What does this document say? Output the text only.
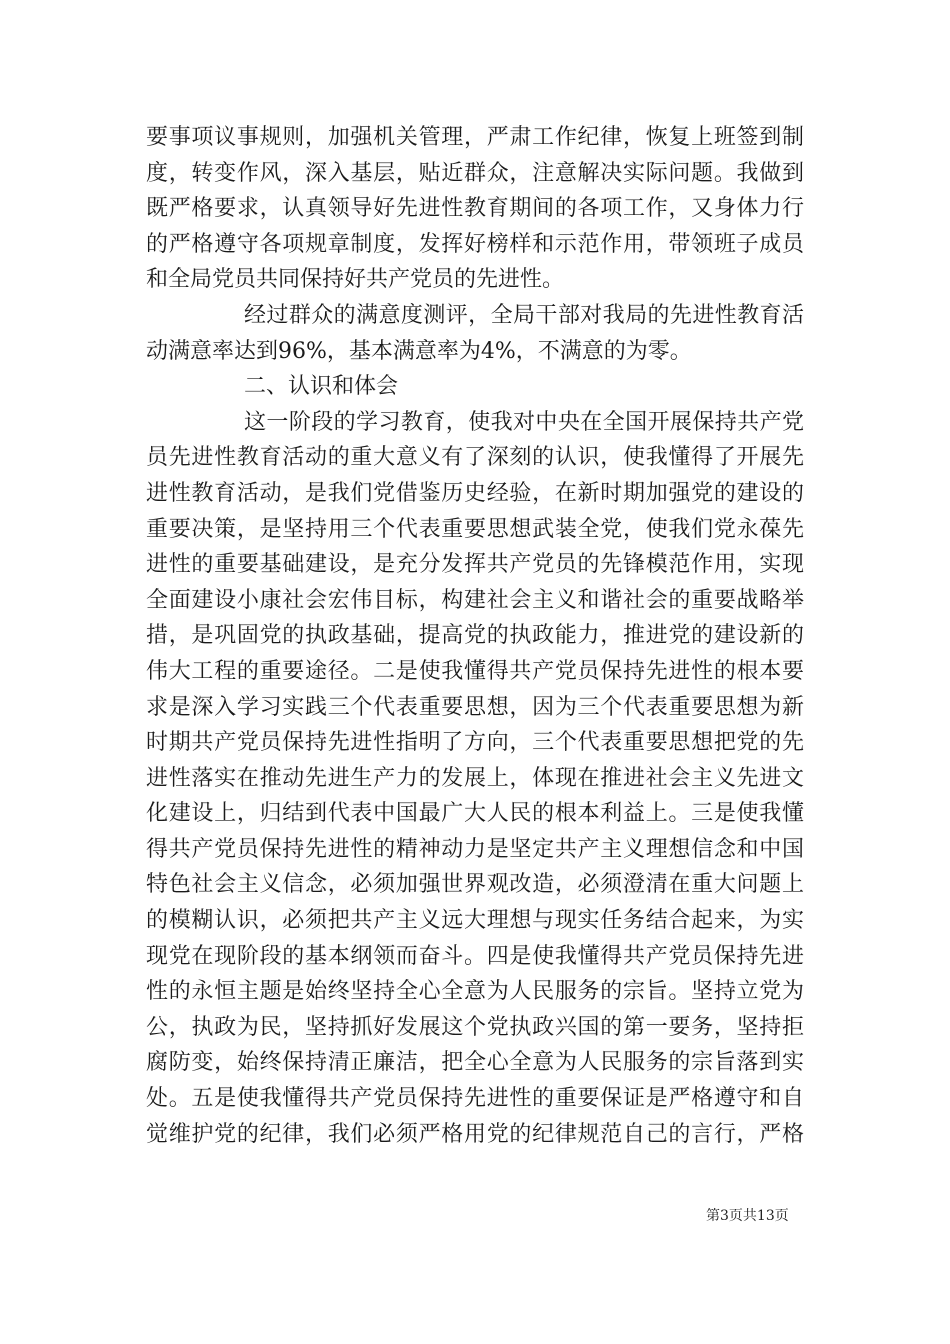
要事项议事规则，加强机关管理，严肃工作纪律，恢复上班签到制
度，转变作风，深入基层，贴近群众，注意解决实际问题。我做到
既严格要求，认真领导好先进性教育期间的各项工作，又身体力行
的严格遵守各项规章制度，发挥好榜样和示范作用，带领班子成员
和全局党员共同保持好共产党员的先进性。
经过群众的满意度测评，全局干部对我局的先进性教育活
动满意率达到96%，基本满意率为4%，不满意的为零。
二、认识和体会
这一阶段的学习教育，使我对中央在全国开展保持共产党
员先进性教育活动的重大意义有了深刻的认识，使我懂得了开展先
进性教育活动，是我们党借鉴历史经验，在新时期加强党的建设的
重要决策，是坚持用三个代表重要思想武装全党，使我们党永葆先
进性的重要基础建设，是充分发挥共产党员的先锋模范作用，实现
全面建设小康社会宏伟目标，构建社会主义和谐社会的重要战略举
措，是巩固党的执政基础，提高党的执政能力，推进党的建设新的
伟大工程的重要途径。二是使我懂得共产党员保持先进性的根本要
求是深入学习实践三个代表重要思想，因为三个代表重要思想为新
时期共产党员保持先进性指明了方向，三个代表重要思想把党的先
进性落实在推动先进生产力的发展上，体现在推进社会主义先进文
化建设上，归结到代表中国最广大人民的根本利益上。三是使我懂
得共产党员保持先进性的精神动力是坚定共产主义理想信念和中国
特色社会主义信念，必须加强世界观改造，必须澄清在重大问题上
的模糊认识，必须把共产主义远大理想与现实任务结合起来，为实
现党在现阶段的基本纲领而奋斗。四是使我懂得共产党员保持先进
性的永恒主题是始终坚持全心全意为人民服务的宗旨。坚持立党为
公，执政为民，坚持抓好发展这个党执政兴国的第一要务，坚持拒
腐防变，始终保持清正廉洁，把全心全意为人民服务的宗旨落到实
处。五是使我懂得共产党员保持先进性的重要保证是严格遵守和自
觉维护党的纪律，我们必须严格用党的纪律规范自己的言行，严格
第3页共13页
